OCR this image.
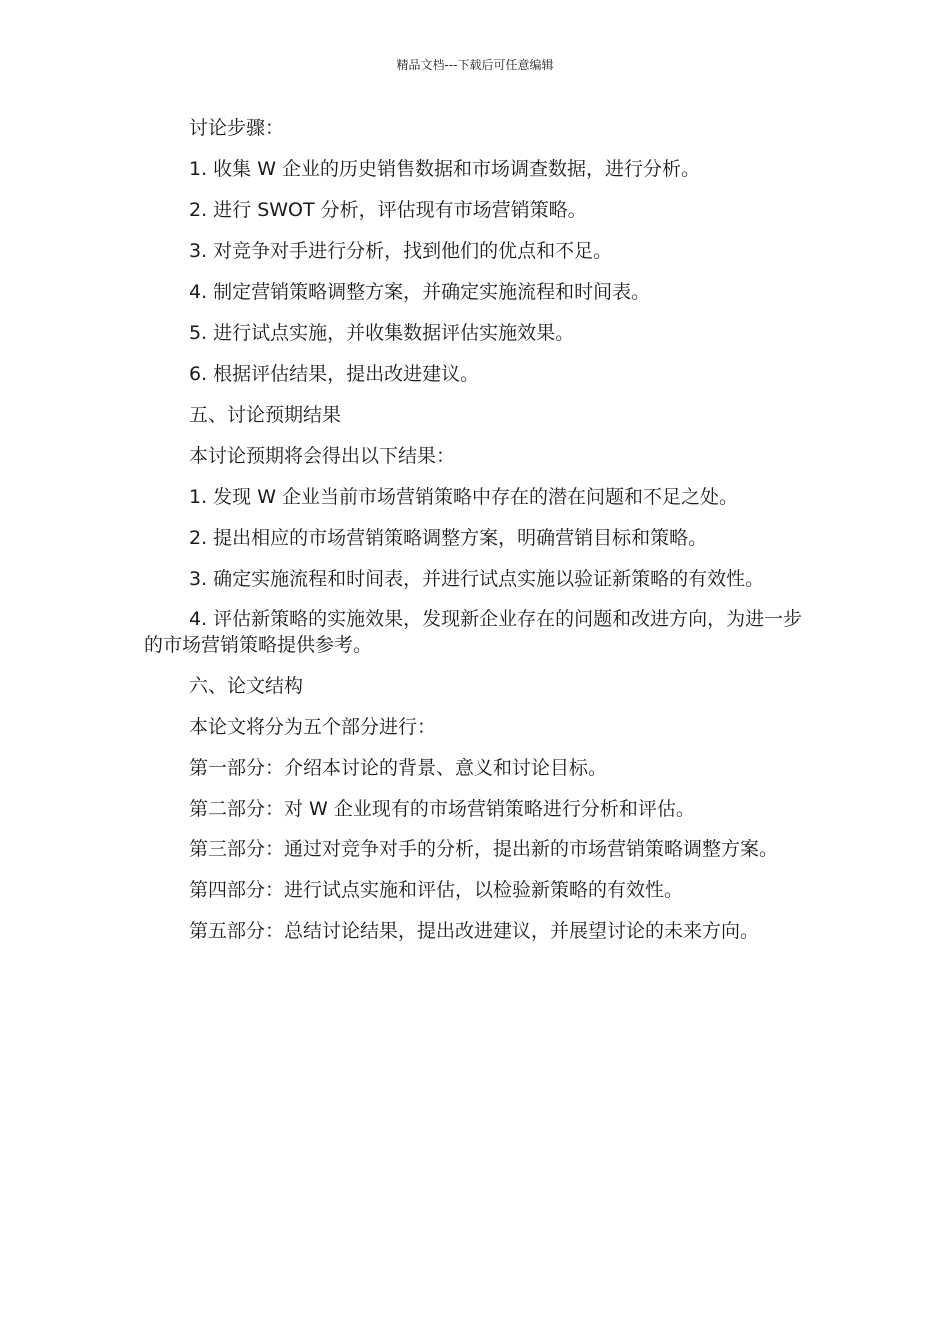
精品文档---下载后可任意编辑

讨论步骤：

1. 收集 W 企业的历史销售数据和市场调查数据，进行分析。

2. 进行 SWOT 分析，评估现有市场营销策略。

3. 对竞争对手进行分析，找到他们的优点和不足。

4. 制定营销策略调整方案，并确定实施流程和时间表。

5. 进行试点实施，并收集数据评估实施效果。

6. 根据评估结果，提出改进建议。

五、讨论预期结果

本讨论预期将会得出以下结果：

1. 发现 W 企业当前市场营销策略中存在的潜在问题和不足之处。

2. 提出相应的市场营销策略调整方案，明确营销目标和策略。

3. 确定实施流程和时间表，并进行试点实施以验证新策略的有效性。

4. 评估新策略的实施效果，发现新企业存在的问题和改进方向，为进一步的市场营销策略提供参考。

六、论文结构

本论文将分为五个部分进行：

第一部分：介绍本讨论的背景、意义和讨论目标。

第二部分：对 W 企业现有的市场营销策略进行分析和评估。

第三部分：通过对竞争对手的分析，提出新的市场营销策略调整方案。

第四部分：进行试点实施和评估，以检验新策略的有效性。

第五部分：总结讨论结果，提出改进建议，并展望讨论的未来方向。
